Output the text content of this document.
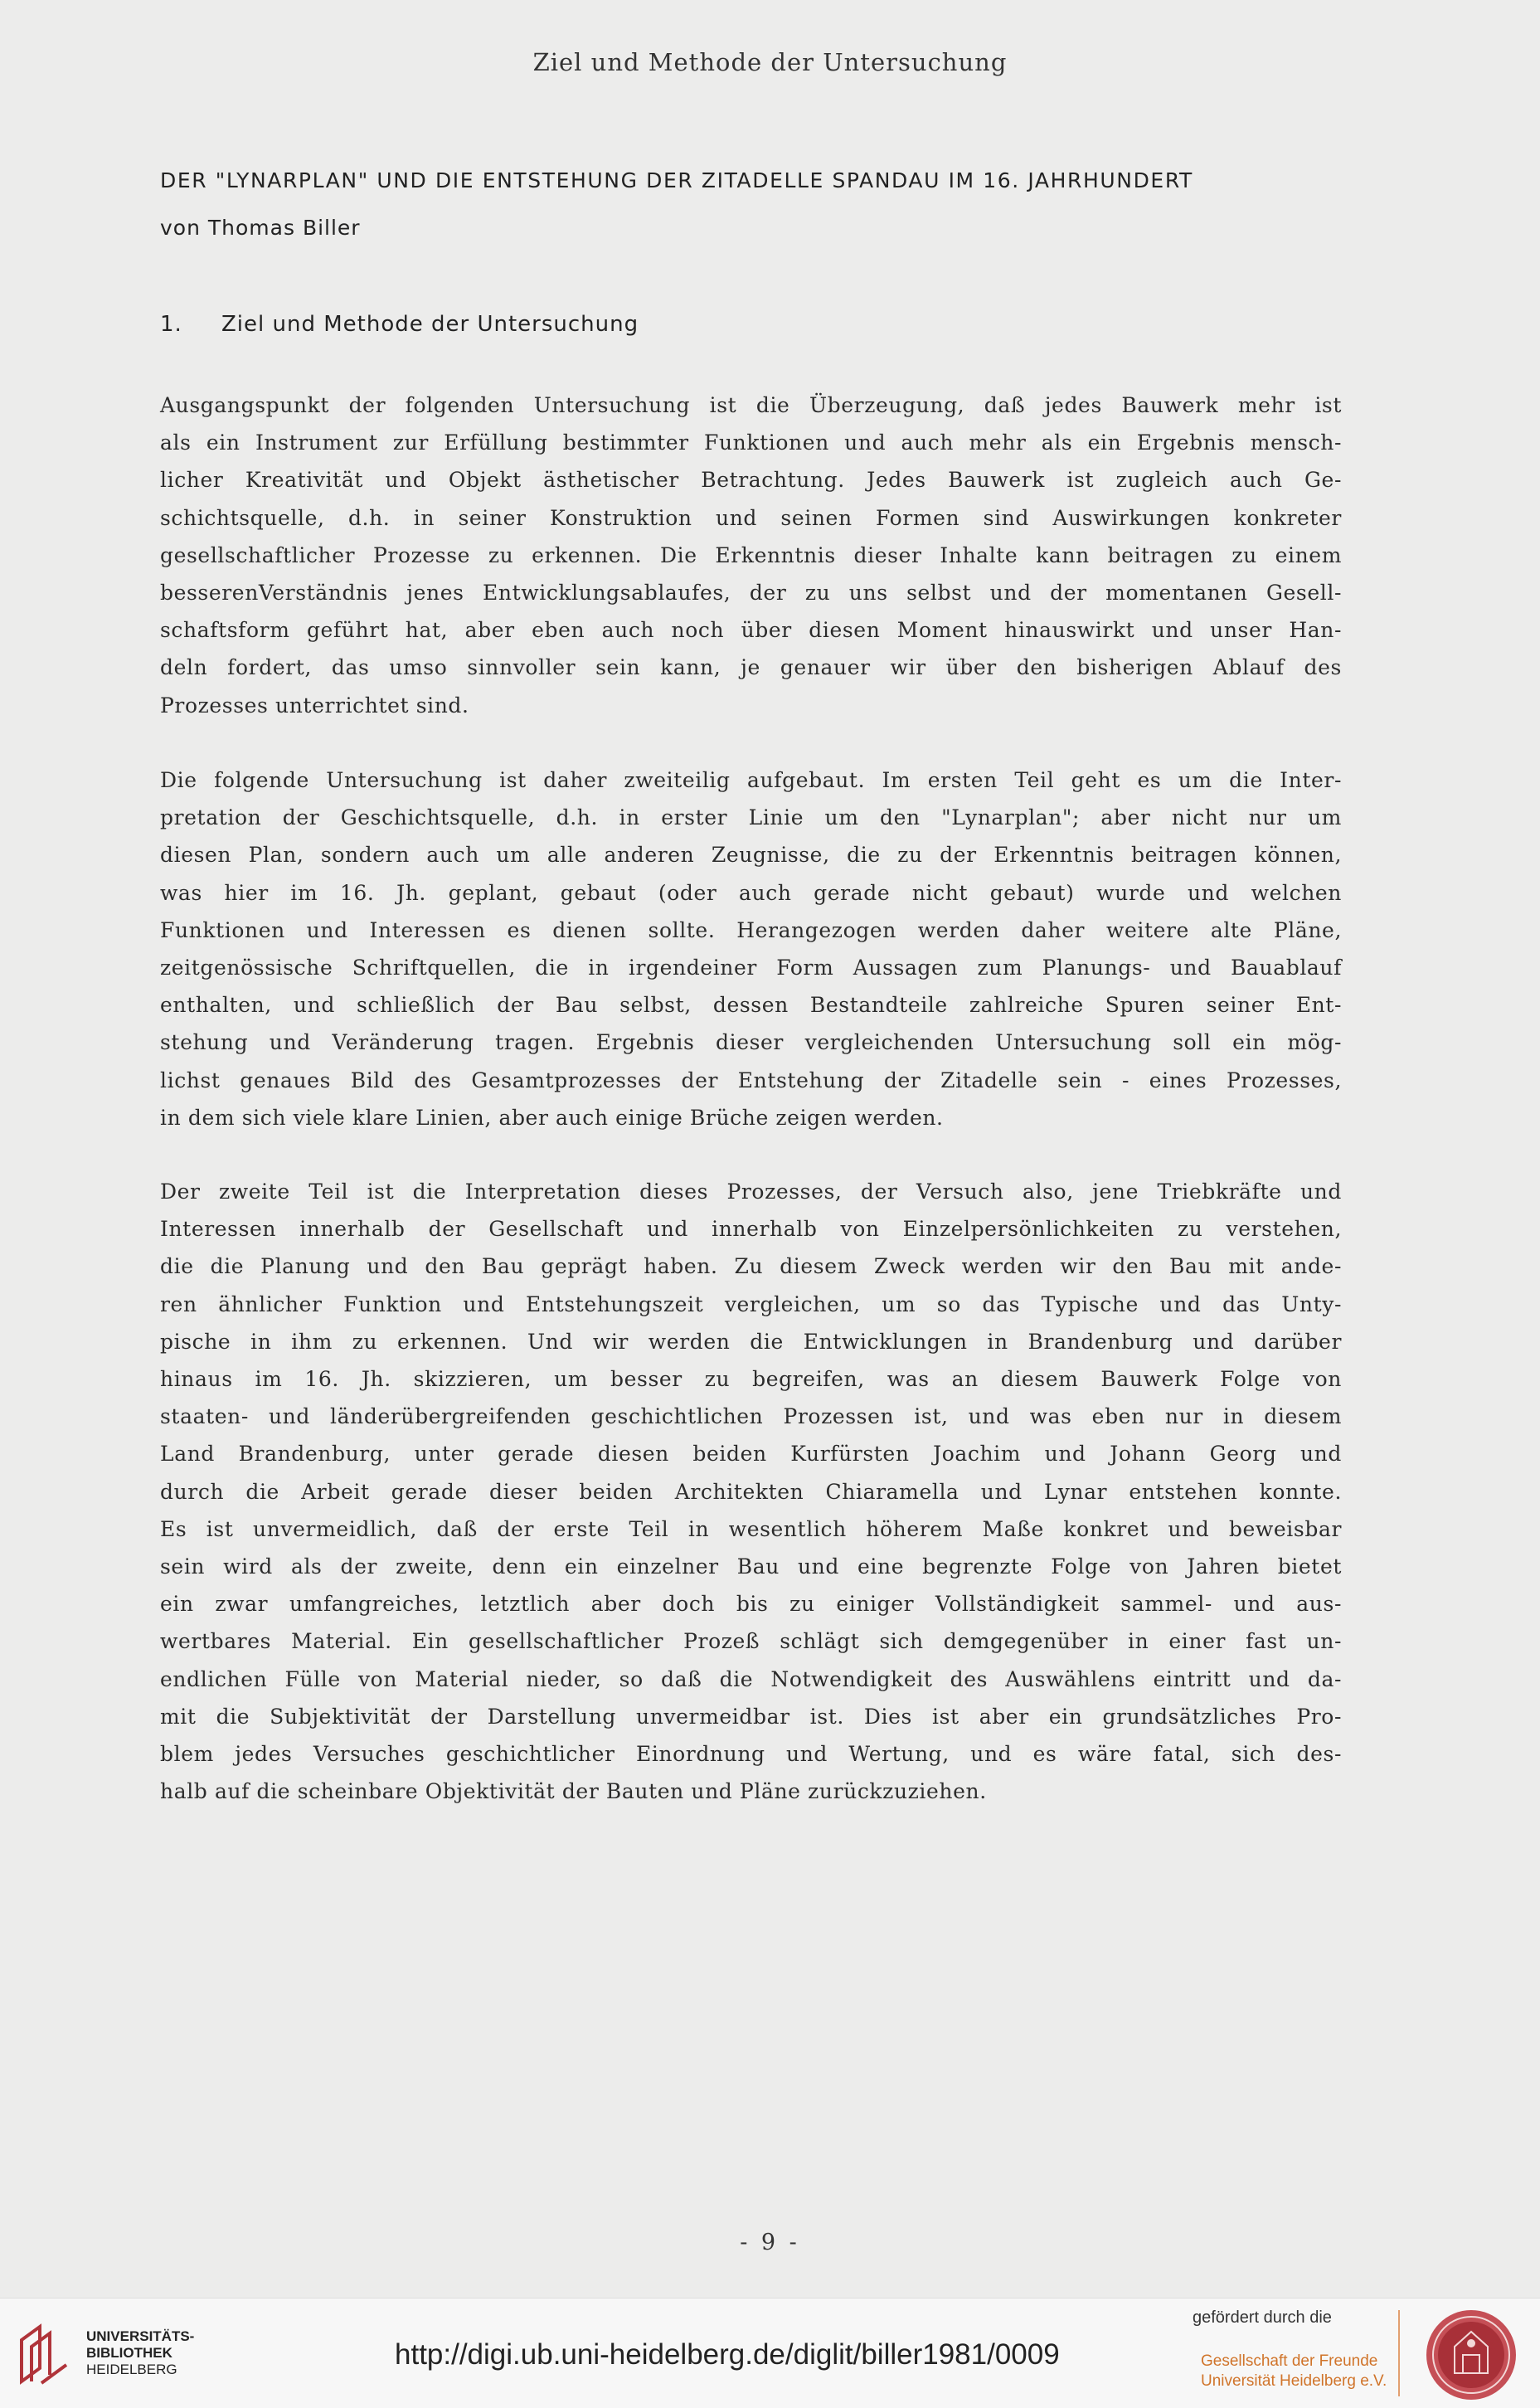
Ziel und Methode der Untersuchung
DER "LYNARPLAN" UND DIE ENTSTEHUNG DER ZITADELLE SPANDAU IM 16. JAHRHUNDERT
von Thomas Biller
1. Ziel und Methode der Untersuchung
Ausgangspunkt der folgenden Untersuchung ist die Überzeugung, daß jedes Bauwerk mehr ist
als ein Instrument zur Erfüllung bestimmter Funktionen und auch mehr als ein Ergebnis mensch-
licher Kreativität und Objekt ästhetischer Betrachtung. Jedes Bauwerk ist zugleich auch Ge-
schichtsquelle, d.h. in seiner Konstruktion und seinen Formen sind Auswirkungen konkreter
gesellschaftlicher Prozesse zu erkennen. Die Erkenntnis dieser Inhalte kann beitragen zu einem
besserenVerständnis jenes Entwicklungsablaufes, der zu uns selbst und der momentanen Gesell-
schaftsform geführt hat, aber eben auch noch über diesen Moment hinauswirkt und unser Han-
deln fordert, das umso sinnvoller sein kann, je genauer wir über den bisherigen Ablauf des
Prozesses unterrichtet sind.
Die folgende Untersuchung ist daher zweiteilig aufgebaut. Im ersten Teil geht es um die Inter-
pretation der Geschichtsquelle, d.h. in erster Linie um den "Lynarplan"; aber nicht nur um
diesen Plan, sondern auch um alle anderen Zeugnisse, die zu der Erkenntnis beitragen können,
was hier im 16. Jh. geplant, gebaut (oder auch gerade nicht gebaut) wurde und welchen
Funktionen und Interessen es dienen sollte. Herangezogen werden daher weitere alte Pläne,
zeitgenössische Schriftquellen, die in irgendeiner Form Aussagen zum Planungs- und Bauablauf
enthalten, und schließlich der Bau selbst, dessen Bestandteile zahlreiche Spuren seiner Ent-
stehung und Veränderung tragen. Ergebnis dieser vergleichenden Untersuchung soll ein mög-
lichst genaues Bild des Gesamtprozesses der Entstehung der Zitadelle sein - eines Prozesses,
in dem sich viele klare Linien, aber auch einige Brüche zeigen werden.
Der zweite Teil ist die Interpretation dieses Prozesses, der Versuch also, jene Triebkräfte und
Interessen innerhalb der Gesellschaft und innerhalb von Einzelpersönlichkeiten zu verstehen,
die die Planung und den Bau geprägt haben. Zu diesem Zweck werden wir den Bau mit ande-
ren ähnlicher Funktion und Entstehungszeit vergleichen, um so das Typische und das Unty-
pische in ihm zu erkennen. Und wir werden die Entwicklungen in Brandenburg und darüber
hinaus im 16. Jh. skizzieren, um besser zu begreifen, was an diesem Bauwerk Folge von
staaten- und länderübergreifenden geschichtlichen Prozessen ist, und was eben nur in diesem
Land Brandenburg, unter gerade diesen beiden Kurfürsten Joachim und Johann Georg und
durch die Arbeit gerade dieser beiden Architekten Chiaramella und Lynar entstehen konnte.
Es ist unvermeidlich, daß der erste Teil in wesentlich höherem Maße konkret und beweisbar
sein wird als der zweite, denn ein einzelner Bau und eine begrenzte Folge von Jahren bietet
ein zwar umfangreiches, letztlich aber doch bis zu einiger Vollständigkeit sammel- und aus-
wertbares Material. Ein gesellschaftlicher Prozeß schlägt sich demgegenüber in einer fast un-
endlichen Fülle von Material nieder, so daß die Notwendigkeit des Auswählens eintritt und da-
mit die Subjektivität der Darstellung unvermeidbar ist. Dies ist aber ein grundsätzliches Pro-
blem jedes Versuches geschichtlicher Einordnung und Wertung, und es wäre fatal, sich des-
halb auf die scheinbare Objektivität der Bauten und Pläne zurückzuziehen.
- 9 -
UNIVERSITÄTS-
BIBLIOTHEK
HEIDELBERG	http://digi.ub.uni-heidelberg.de/diglit/biller1981/0009
gefördert durch die
Gesellschaft der Freunde
Universität Heidelberg e.V.
